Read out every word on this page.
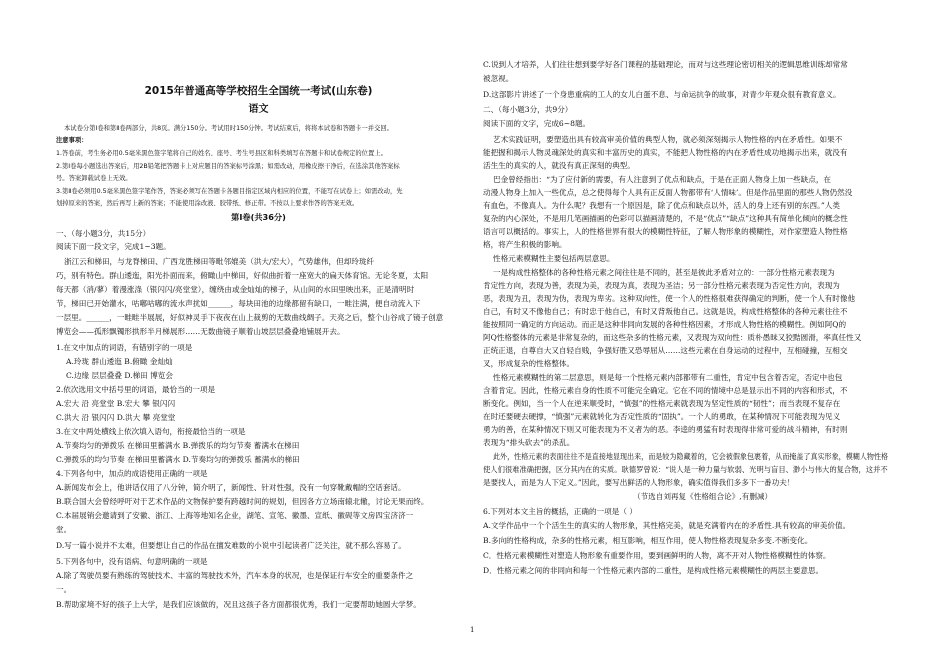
2015年普通高等学校招生全国统一考试(山东卷)
语文
本试卷分第Ⅰ卷和第Ⅱ卷两部分，共8页。满分150分。考试用时150分钟。考试结束后，将将本试卷和答题卡一并交回。
注意事项：
1.答卷前，考生务必用0.5毫米黑色签字笔将自己的姓名、座号、考生号县区和科类填写在答题卡和试卷规定的位置上。
2.第Ⅰ卷每小题选出答案后，用2B铅笔把答题卡上对应题目的答案标号涂黑；如需改动，用橡皮擦干净后，在选涂其他答案标
号。答案卸载试卷上无效。
3.第Ⅱ卷必须用0.5毫米黑色签字笔作答，答案必须写在答题卡各题目指定区域内相应的位置，不能写在试卷上；如需改动，先
划掉原来的答案，然后再写上新的答案；不能使用涂改液、胶带纸、修正带。不按以上要求作答的答案无效。
第Ⅰ卷(共36分)
一、（每小题3分，共15分）
阅读下面一段文字，完成1~3题。
浙江云和梯田，与龙脊梯田、广西龙胜梯田等毗邻媲美（洪大/宏大），气势雄伟，但却玲珑纤
巧，别有特色。群山逶迤，阳光扑面而来，俯瞰山中梯田，好似曲折着一座宽大的扁天体育馆。无论冬夏，太阳
每天都（消/蓼）着漫涨涤（银闪闪/亮堂堂），缠绕由或金灿灿的梯子，从山间的水田里映出来，正是清明时
节，梯田已开始灌水，咕嘟咕嘟的流水声扰如______，每块田池的边缘都留有缺口，一畦注满，便自动流入下
一层里。______，一畦畦半展展，好似神灵手下夜夜在山上裁剪的无数曲线绸子。天亮之后，整个山谷成了镜子创意
博览会——孤形飘镯形拱形半月梯展形……无数曲镜子顺着山坡层层叠叠地铺展开去。
1.在文中加点的词语，有错别字的一项是
A.玲珑 群山逶迤 B.俯瞰 金灿灿
C.边缘 层层叠叠 D.梯田 博览会
2.依次选用文中括号里的词语，最恰当的一项是
A.宏大 沿 亮堂堂 B.宏大 攀 银闪闪
C.洪大 沿 银闪闪 D.洪大 攀 亮堂堂
3.在文中两处横线上依次填入语句，衔接最恰当的一项是
A.节奏均匀的弹拨乐 在梯田里蓄满水 B.弹拨乐的均匀节奏 蓄满水在梯田
C.弹拨乐的均匀节奏 在梯田里蓄满水 D.节奏均匀的弹拨乐 蓄满水的梯田
4.下列各句中，加点的成语使用正确的一项是
A.新闻发布会上，他讲话仅用了八分钟，简介明了，新闻性、针对性强，没有一句穿靴戴帽的空话套话。
B.联合国大会曾经呼吁对于艺术作品的文物保护要有跨越时间的规划，但因各方立场南辕北辙，讨论无果而终。
C.本届展销会邀请到了安徽、浙江、上海等地知名企业，湖笔、宣笔、徽墨、宣纸、徽砚等文房四宝济济一
堂。
D.写一篇小说并不太难，但要想让自己的作品在擅发难数的小说中引起读者广泛关注，就不那么容易了。
5.下列各句中，没有语病、句意明确的一项是
A.除了驾驶员要有熟练的驾驶技术、丰富的驾驶技术外，汽车本身的状况，也是保证行车安全的重要条件之
一。
B.帮助家境不好的孩子上大学，是我们应该做的，况且这孩子各方面都很优秀，我们一定要帮助她圆大学梦。
C.说到人才培养，人们往往想到要学好各门课程的基础理论，而对与这些理论密切相关的逻辑思维训练却常常
被忽视。
D.这部影片讲述了一个身患重病的工人的女儿白蛋不息、与命运抗争的故事，对青少年观众很有教育意义。
二、（每小题3分，共9分）
阅读下面的文字，完成6~8题。
艺术实践证明，要塑造出具有较高审美价值的典型人物，就必须深刻揭示人物性格的内在矛盾性。如果不
能把握和揭示人物灵魂深处的真实和丰富历史的真实，不能把人物性格的内在矛盾性成功地揭示出来，就没有
活生生的真实的人，就没有真正深刻的典型。
巴金曾经指出：“为了应付新的需要，有人注意到了优点和缺点，于是在正面人物身上加一些缺点，在
动漫人物身上加入一些优点，总之使得每个人具有正反面人物都带有‘人情味’。但是作品里面的那些人物仍然没
有血色，不像真人。为什么呢？我想有一个原因是，除了优点和缺点以外，活人的身上还有别的东西。”人类
复杂的内心深处，不是用几笔画描画的色彩可以描画清楚的，不是“优点”“缺点”这种具有简单化倾向的概念性
语言可以概括的。事实上，人的性格世界有很大的模糊性特征，了解人物形象的模糊性，对作家塑造人物性格
格，将产生积极的影响。
性格元素模糊性主要包括两层意思。
一是构成性格整体的各种性格元素之间往往是不同的，甚至是彼此矛盾对立的：一部分性格元素表现为
肯定性方向，表现为善，表现为美，表现为真，表现为圣洁；另一部分性格元素表现为否定性方向，表现为
恶，表现为丑，表现为伪，表现为卑劣。这种双向性，使一个人的性格很难获得确定的判断，使一个人有时像他
自己，有时又不像他自己；有时忠于他自己，有时又背叛他自己。这就是说，构成性格整体的各种元素往往不
能按照同一确定的方向运动。而正是这种非同向发展的各种性格因素，才形成人物性格的模糊性。例如阿Q的
阿Q性格整体的元素是非常复杂的，而这些杂多的性格元素，又表现为双向性：质朴愚昧又狡黠圆滑，率真任性又
正统正退，自尊自大又自轻自贱，争强好胜又恐辱屈从……这些元素在自身运动的过程中，互相碰撞，互相交
叉，形成复杂的性格整体。
性格元素模糊性的第二层意思，则是每一个性格元素内部都带有二重性，肯定中包含着否定，否定中也包
含着肯定。因此，性格元素自身的性质不可能完全确定。它在不同的情境中总是显示出不同的内容和形式，不
断变化。例如，当一个人在逆来顺受时，“慎强”的性格元素就表现为坚定性质的“韧性”；而当表现不复存在
在时还要硬去硬撑，“慎强”元素就转化为否定性质的“固执”。一个人的勇敢，在某种情况下可能表现为见义
勇为的善，在某种情况下则又可能表现为不义者为的恶。李逵的勇猛有时表现得非常可爱的战斗精神，有时则
表现为“排头砍去”的杀乱。
此外，性格元素的表面往往不是直接地显现出来，而是较为隐藏着的，它会被假象包裹着，从而掩盖了真实形象，模糊人物性格
使人们很难准确把握，区分其内在的实质。耿德罗曾说：“说人是一种力量与软弱、光明与盲目、渺小与伟大的复合物，这并不
是要找人，而是为人下定义。”因此，要写出鲜活的人物形象，确实值得我们多多下一番功夫！
（节选自刘再复《性格组合论》,有删减）
6.下列对本文主旨的概括，正确的一项是（ ）
A.文学作品中一个个活生生的真实的人物形象，其性格完美，就是充满着内在的矛盾性.具有较高的审美价值。
B.多向的性格构成，杂多的性格元素，相互影响，相互作用，使人物性格表现复杂多变.不断变化。
C．性格元素模糊性对塑造人物形象有重要作用，要到画鲜明的人物，离不开对人物性格模糊性的体察。
D．性格元素之间的非同向和每一个性格元素内部的二重性，是构成性格元素模糊性的两层主要意思。
1
